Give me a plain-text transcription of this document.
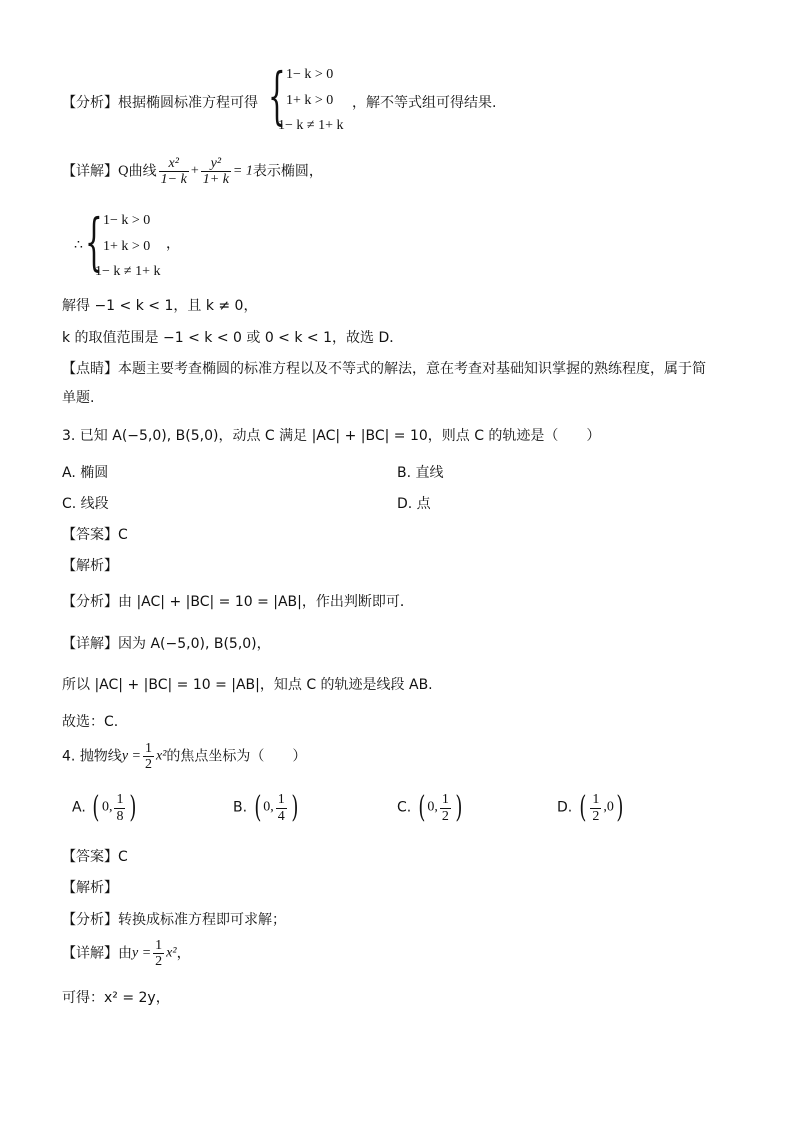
【分析】根据椭圆标准方程可得 { 1− k > 0
1+ k > 0
1− k ≠ 1+ k
，解不等式组可得结果.
【详解】Q曲线 $\frac{\text{x²}}{1- k} + \frac{\text{y²}}{1+ k} = 1$表示椭圆，
∴ { 1− k > 0
1+ k > 0
1− k ≠ 1+ k
，
解得 −1 < k < 1，且 k ≠ 0，
k 的取值范围是 −1 < k < 0 或 0 < k < 1，故选 D．
【点睛】本题主要考查椭圆的标准方程以及不等式的解法，意在考查对基础知识掌握的熟练程度，属于简
单题.
3. 已知 A(−5,0), B(5,0)，动点 C 满足 |AC| + |BC| = 10，则点 C 的轨迹是（　　）
A. 椭圆	B. 直线
C. 线段	D. 点
【答案】C
【解析】
【分析】由 |AC| + |BC| = 10 = |AB|，作出判断即可．
【详解】因为 A(−5,0), B(5,0)，
所以 |AC| + |BC| = 10 = |AB|，知点 C 的轨迹是线段 AB.
故选：C.
4. 抛物线$y = \frac{1}{2} x^2$的焦点坐标为（　　）
A. ( 0, $\frac{1}{8}$ )	B. ( 0, $\frac{1}{4}$ )	C. ( 0, $\frac{1}{2}$ )	D. ( $\frac{1}{2} ,0$)
【答案】C
【解析】
【分析】转换成标准方程即可求解；
【详解】由$y = \frac{1}{2} x^2$，
可得：x² = 2y，
